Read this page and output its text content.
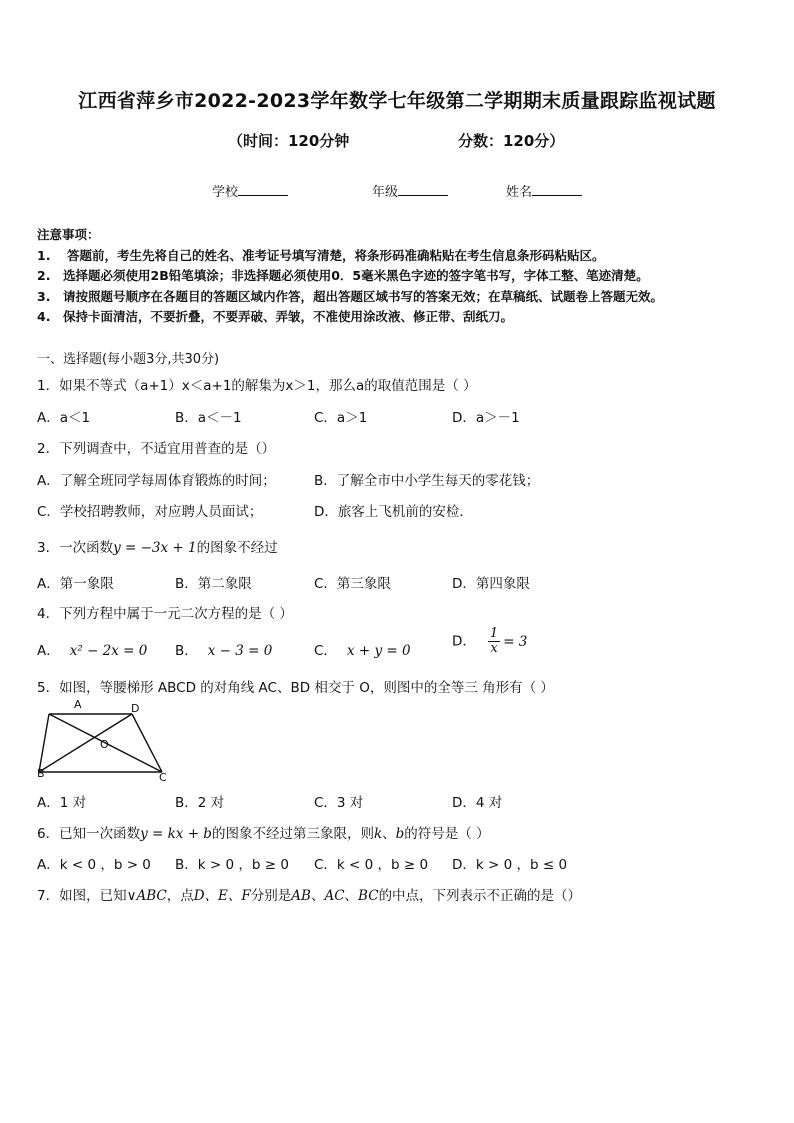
江西省萍乡市2022-2023学年数学七年级第二学期期末质量跟踪监视试题
（时间：120分钟	分数：120分）
学校	年级	姓名
注意事项：
1. 答题前，考生先将自己的姓名、准考证号填写清楚，将条形码准确粘贴在考生信息条形码粘贴区。
2. 选择题必须使用2B铅笔填涂；非选择题必须使用0．5毫米黑色字迹的签字笔书写，字体工整、笔迹清楚。
3. 请按照题号顺序在各题目的答题区域内作答，超出答题区域书写的答案无效；在草稿纸、试题卷上答题无效。
4. 保持卡面清洁，不要折叠，不要弄破、弄皱，不准使用涂改液、修正带、刮纸刀。
一、选择题(每小题3分,共30分)
1．如果不等式（a+1）x＜a+1的解集为x＞1，那么a的取值范围是（ ）
A．a＜1	B．a＜－1	C．a＞1	D．a＞－1
2．下列调查中，不适宜用普查的是（）
A．了解全班同学每周体育锻炼的时间；	B．了解全市中小学生每天的零花钱；
C．学校招聘教师，对应聘人员面试；	D．旅客上飞机前的安检．
3．一次函数y = −3x + 1的图象不经过
A．第一象限	B．第二象限	C．第三象限	D．第四象限
4．下列方程中属于一元二次方程的是（ ）
A． x² − 2x = 0 B． x − 3 = 0	C． x + y = 0
D． $\frac{1}{x} = 3$
5．如图，等腰梯形 ABCD 的对角线 AC、BD 相交于 O，则图中的全等三 角形有（ ）
A	D
O
B	C
A．1 对	B．2 对	C．3 对	D．4 对
6．已知一次函数y = kx + b的图象不经过第三象限，则k、b的符号是（ ）
A．k < 0 ，b > 0 B．k > 0 ，b ≥ 0 C．k < 0 ，b ≥ 0 D．k > 0 ，b ≤ 0
7．如图，已知∨ABC，点D、E、F分别是AB、AC、BC的中点，下列表示不正确的是（）
